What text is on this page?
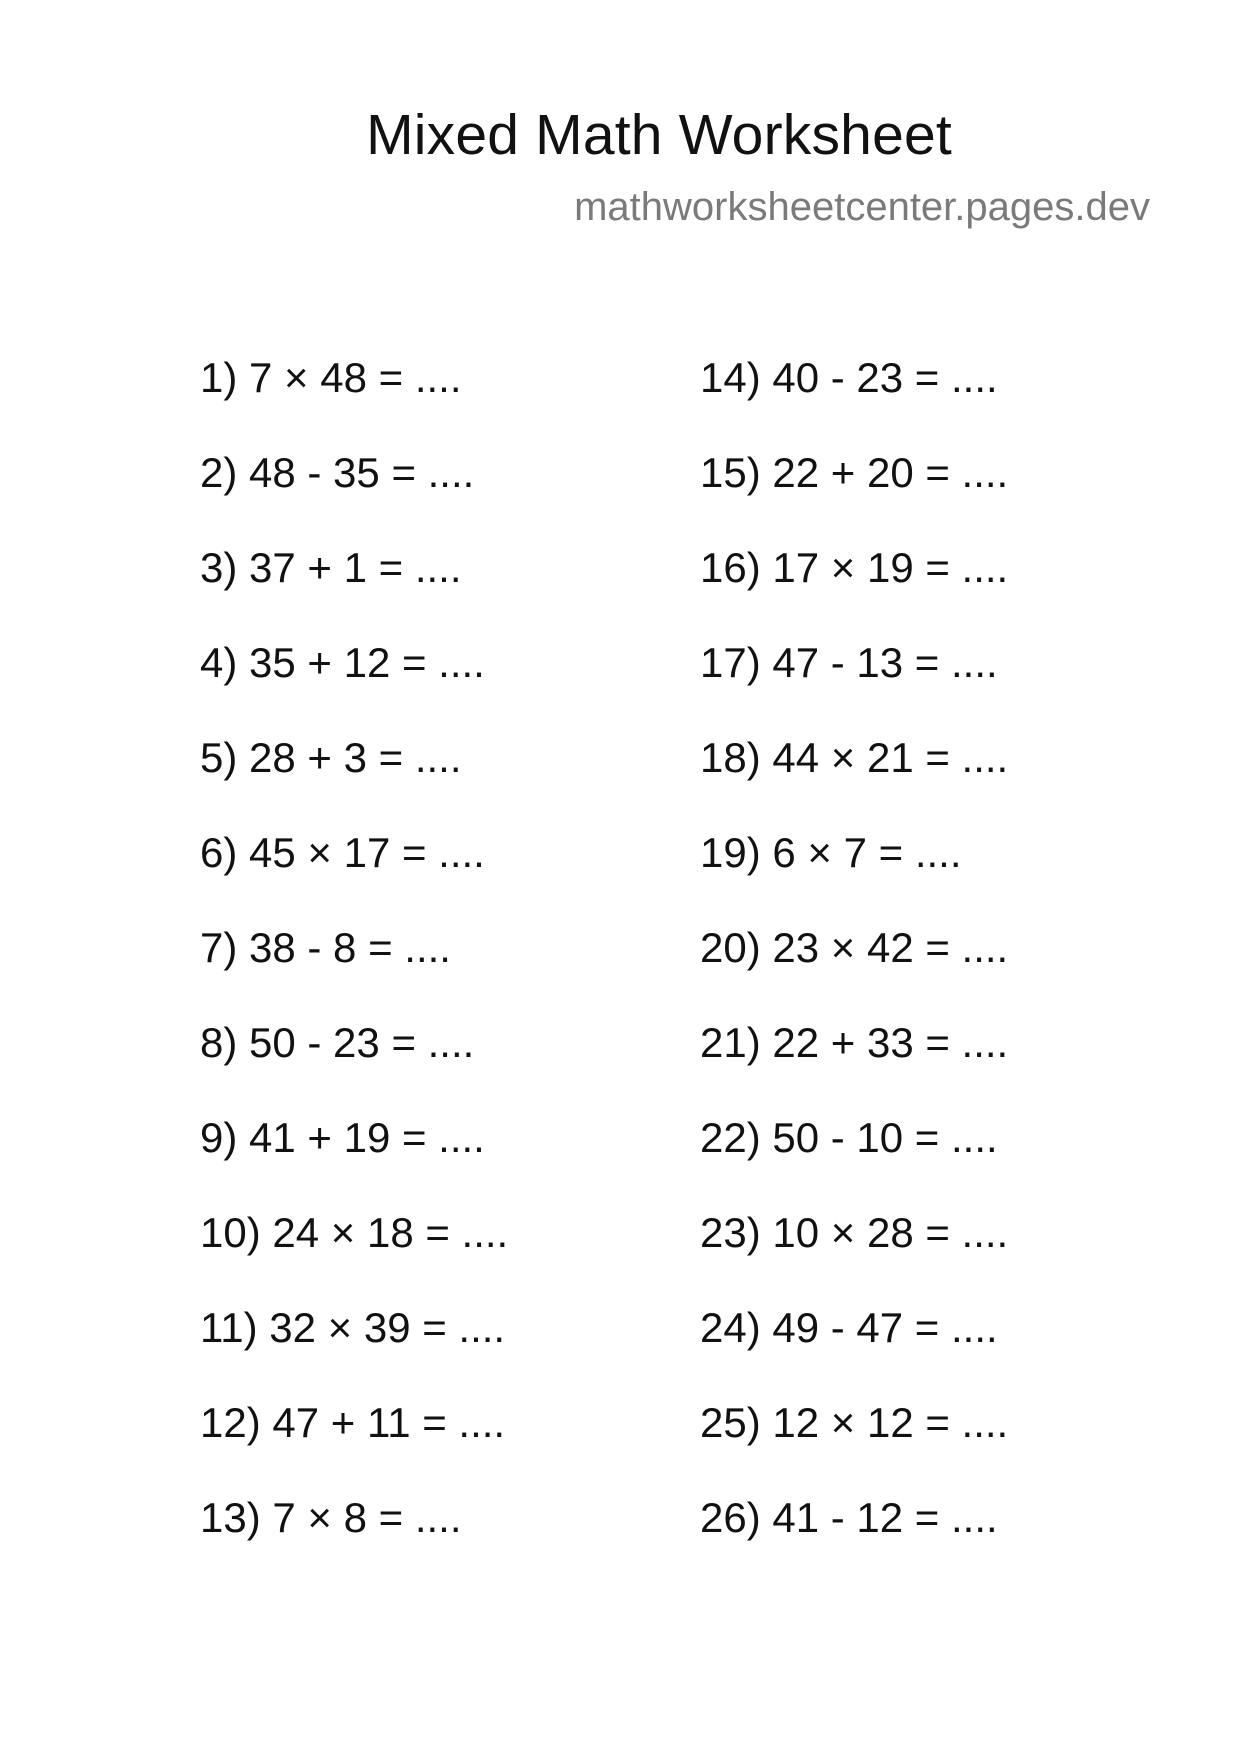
Mixed Math Worksheet

mathworksheetcenter.pages.dev

1) 7 × 48 = ....
2) 48 - 35 = ....
3) 37 + 1 = ....
4) 35 + 12 = ....
5) 28 + 3 = ....
6) 45 × 17 = ....
7) 38 - 8 = ....
8) 50 - 23 = ....
9) 41 + 19 = ....
10) 24 × 18 = ....
11) 32 × 39 = ....
12) 47 + 11 = ....
13) 7 × 8 = ....
14) 40 - 23 = ....
15) 22 + 20 = ....
16) 17 × 19 = ....
17) 47 - 13 = ....
18) 44 × 21 = ....
19) 6 × 7 = ....
20) 23 × 42 = ....
21) 22 + 33 = ....
22) 50 - 10 = ....
23) 10 × 28 = ....
24) 49 - 47 = ....
25) 12 × 12 = ....
26) 41 - 12 = ....
